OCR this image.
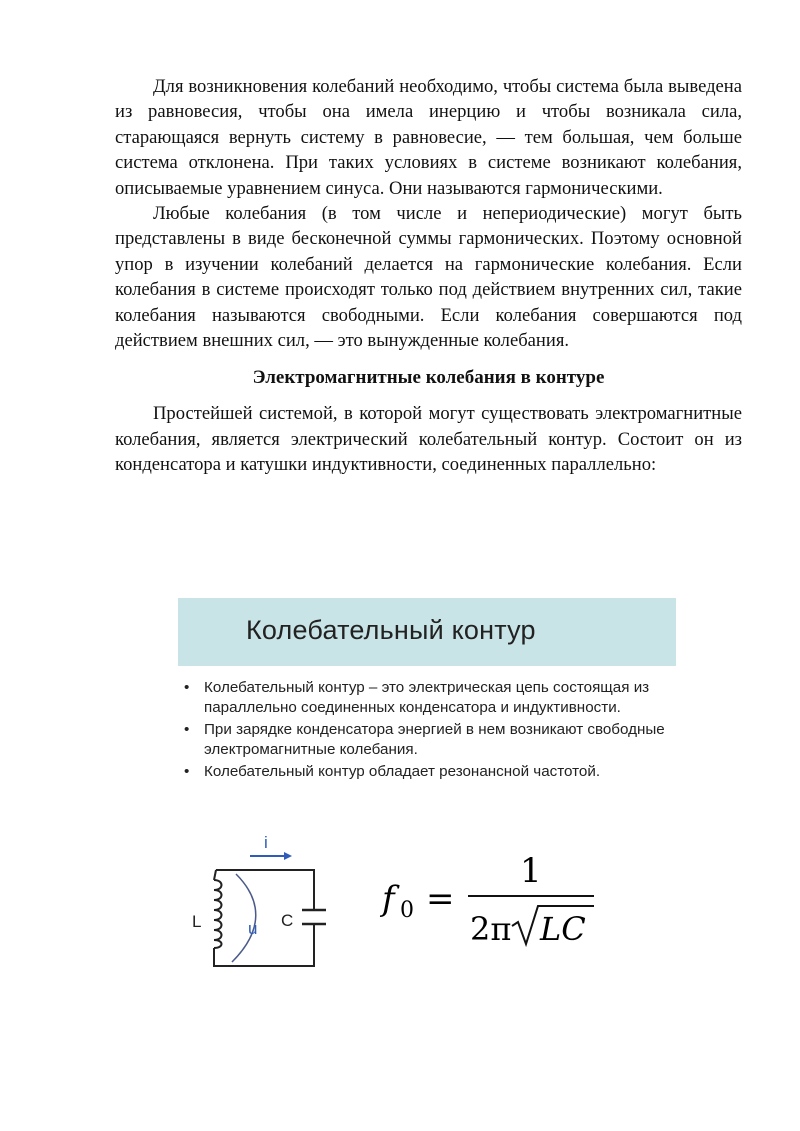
Для возникновения колебаний необходимо, чтобы система была выведена из равновесия, чтобы она имела инерцию и чтобы возникала сила, старающаяся вернуть систему в равновесие, — тем большая, чем больше система отклонена. При таких условиях в системе возникают колебания, описываемые уравнением синуса. Они называются гармоническими.

Любые колебания (в том числе и непериодические) могут быть представлены в виде бесконечной суммы гармонических. Поэтому основной упор в изучении колебаний делается на гармонические колебания. Если колебания в системе происходят только под действием внутренних сил, такие колебания называются свободными. Если колебания совершаются под действием внешних сил, — это вынужденные колебания.

Электромагнитные колебания в контуре

Простейшей системой, в которой могут существовать электромагнитные колебания, является электрический колебательный контур. Состоит он из конденсатора и катушки индуктивности, соединенных параллельно:

Колебательный контур
• Колебательный контур – это электрическая цепь состоящая из параллельно соединенных конденсатора и индуктивности.
• При зарядке конденсатора энергией в нем возникают свободные электромагнитные колебания.
• Колебательный контур обладает резонансной частотой.
i
L	u C
f 0 =
1
2π LC
